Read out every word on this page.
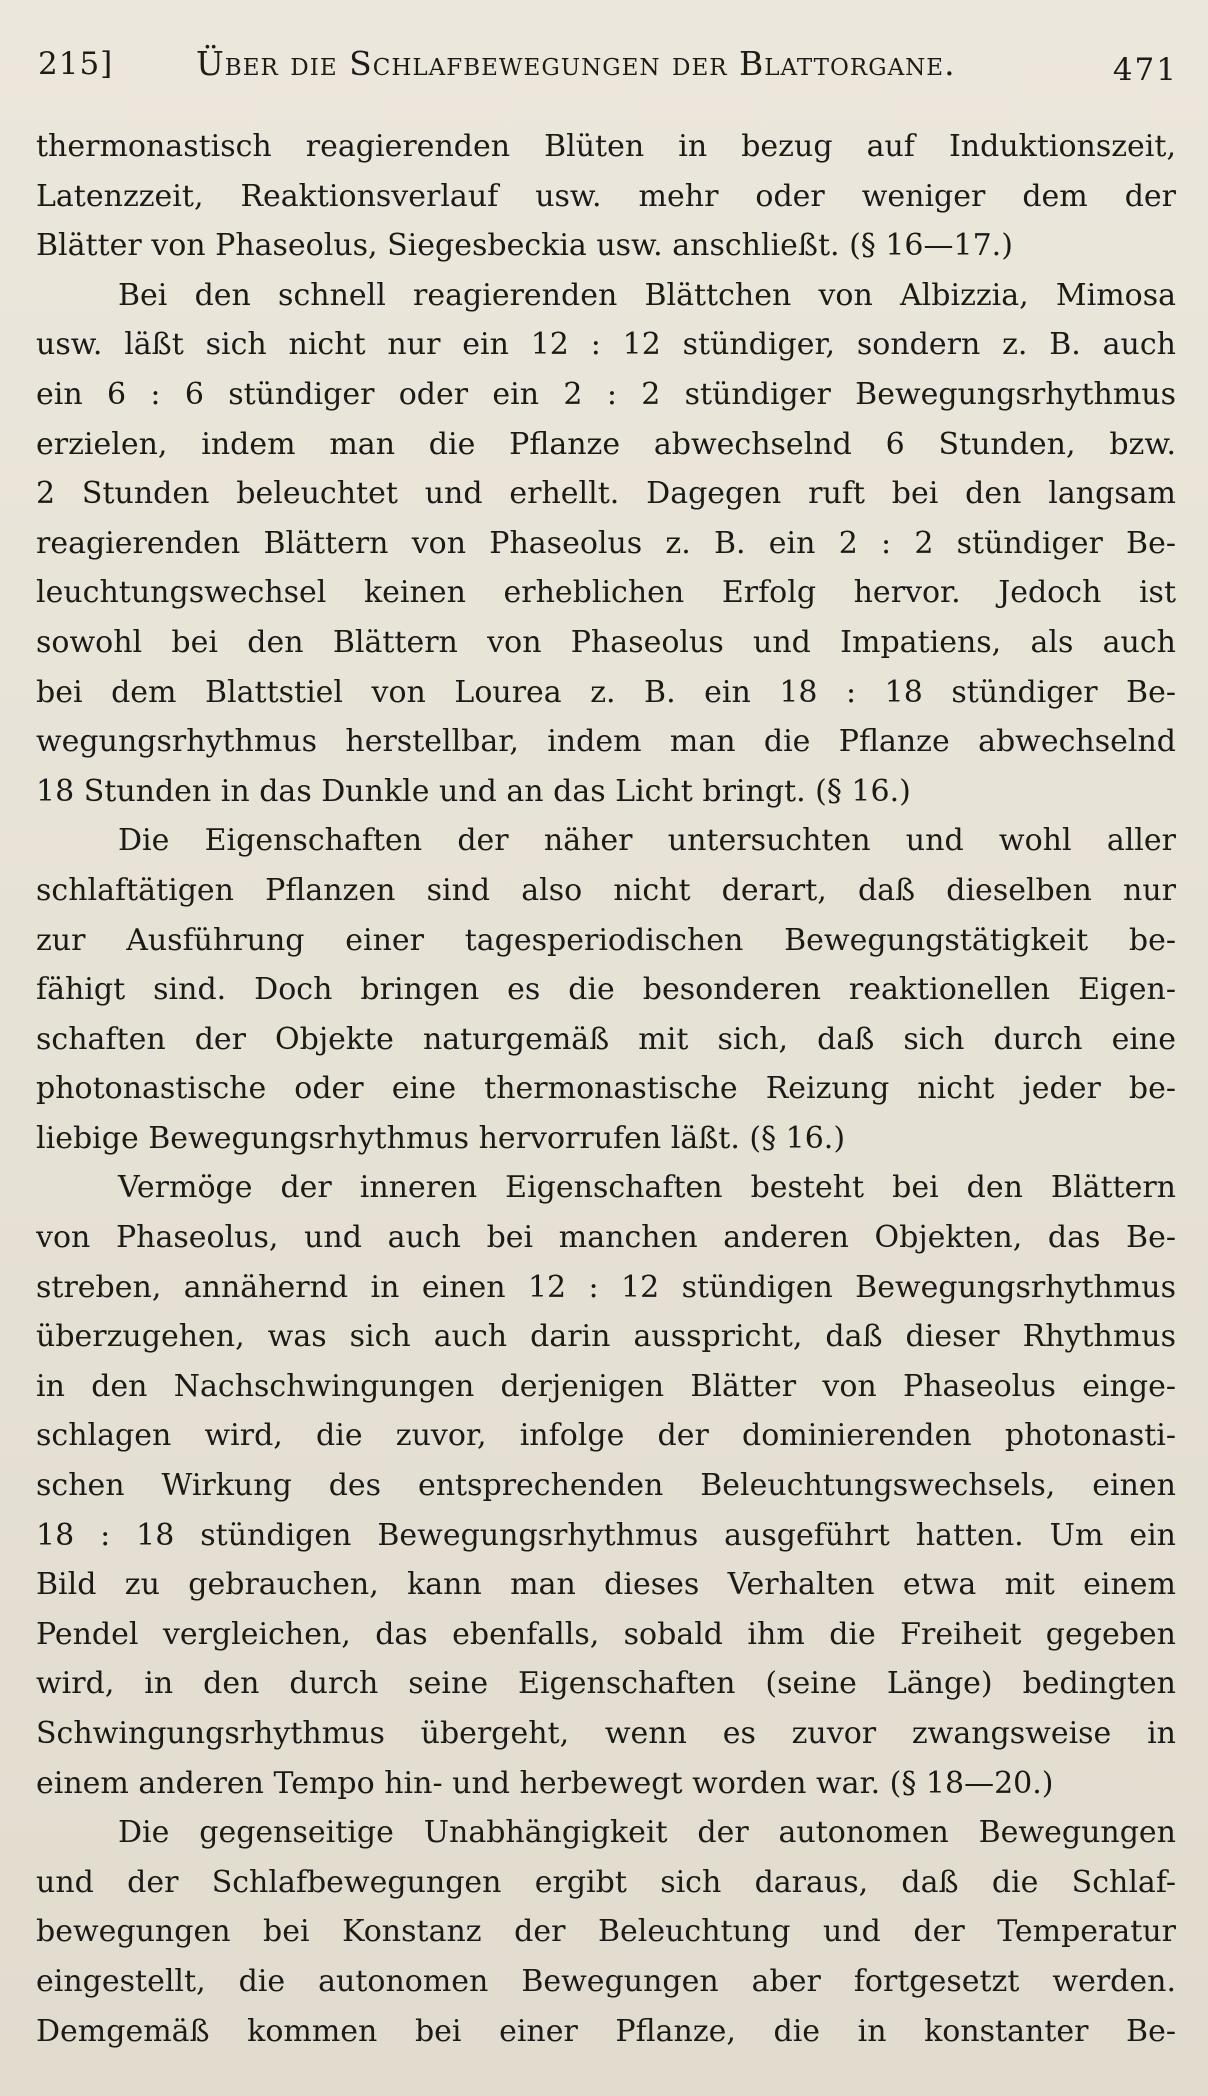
215]	Über die Schlafbewegungen der Blattorgane.	471
thermonastisch reagierenden Blüten in bezug auf Induktionszeit,
Latenzzeit, Reaktionsverlauf usw. mehr oder weniger dem der
Blätter von Phaseolus, Siegesbeckia usw. anschließt. (§ 16—17.)
Bei den schnell reagierenden Blättchen von Albizzia, Mimosa
usw. läßt sich nicht nur ein 12 : 12 stündiger, sondern z. B. auch
ein 6 : 6 stündiger oder ein 2 : 2 stündiger Bewegungsrhythmus
erzielen, indem man die Pflanze abwechselnd 6 Stunden, bzw.
2 Stunden beleuchtet und erhellt. Dagegen ruft bei den langsam
reagierenden Blättern von Phaseolus z. B. ein 2 : 2 stündiger Be-
leuchtungswechsel keinen erheblichen Erfolg hervor. Jedoch ist
sowohl bei den Blättern von Phaseolus und Impatiens, als auch
bei dem Blattstiel von Lourea z. B. ein 18 : 18 stündiger Be-
wegungsrhythmus herstellbar, indem man die Pflanze abwechselnd
18 Stunden in das Dunkle und an das Licht bringt. (§ 16.)
Die Eigenschaften der näher untersuchten und wohl aller
schlaftätigen Pflanzen sind also nicht derart, daß dieselben nur
zur Ausführung einer tagesperiodischen Bewegungstätigkeit be-
fähigt sind. Doch bringen es die besonderen reaktionellen Eigen-
schaften der Objekte naturgemäß mit sich, daß sich durch eine
photonastische oder eine thermonastische Reizung nicht jeder be-
liebige Bewegungsrhythmus hervorrufen läßt. (§ 16.)
Vermöge der inneren Eigenschaften besteht bei den Blättern
von Phaseolus, und auch bei manchen anderen Objekten, das Be-
streben, annähernd in einen 12 : 12 stündigen Bewegungsrhythmus
überzugehen, was sich auch darin ausspricht, daß dieser Rhythmus
in den Nachschwingungen derjenigen Blätter von Phaseolus einge-
schlagen wird, die zuvor, infolge der dominierenden photonasti-
schen Wirkung des entsprechenden Beleuchtungswechsels, einen
18 : 18 stündigen Bewegungsrhythmus ausgeführt hatten. Um ein
Bild zu gebrauchen, kann man dieses Verhalten etwa mit einem
Pendel vergleichen, das ebenfalls, sobald ihm die Freiheit gegeben
wird, in den durch seine Eigenschaften (seine Länge) bedingten
Schwingungsrhythmus übergeht, wenn es zuvor zwangsweise in
einem anderen Tempo hin- und herbewegt worden war. (§ 18—20.)
Die gegenseitige Unabhängigkeit der autonomen Bewegungen
und der Schlafbewegungen ergibt sich daraus, daß die Schlaf-
bewegungen bei Konstanz der Beleuchtung und der Temperatur
eingestellt, die autonomen Bewegungen aber fortgesetzt werden.
Demgemäß kommen bei einer Pflanze, die in konstanter Be-
